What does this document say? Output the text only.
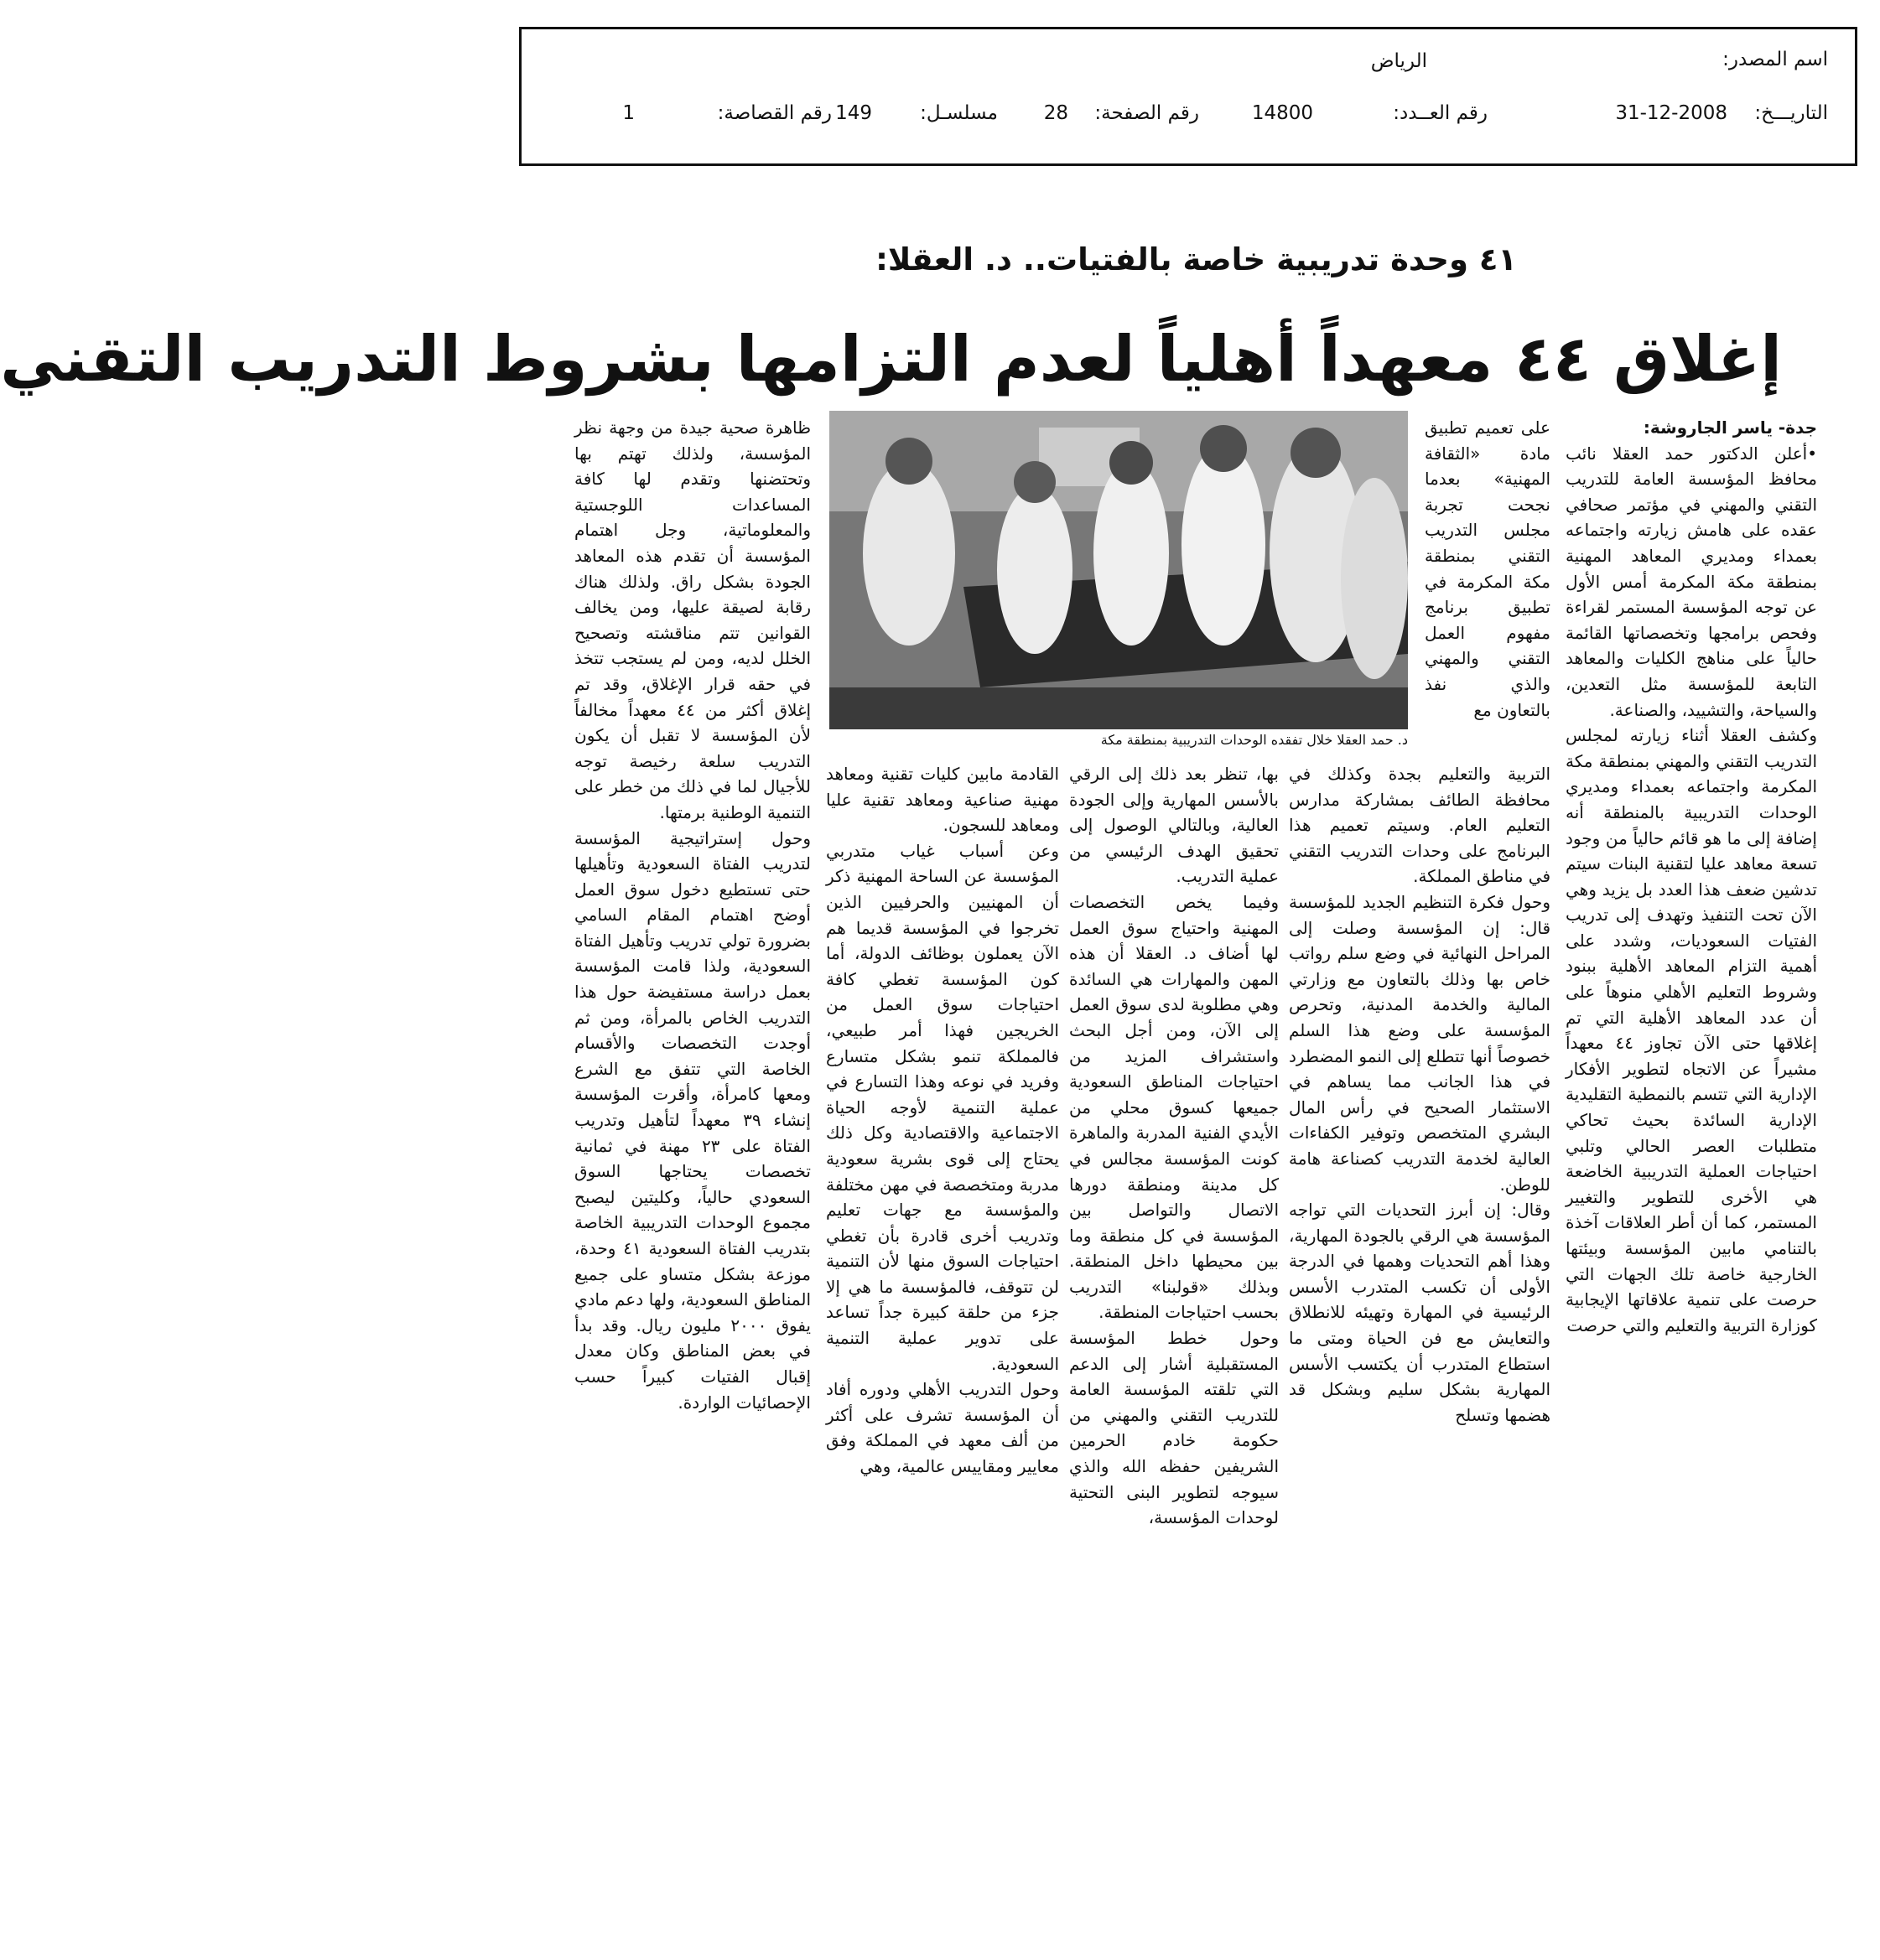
اسم المصدر:
الرياض
التاريـــخ:
31-12-2008
رقم العــدد:
14800
رقم الصفحة:
28
مسلسـل:
149
رقم القصاصة:
1
٤١ وحدة تدريبية خاصة بالفتيات.. د. العقلا:
إغلاق ٤٤ معهداً أهلياً لعدم التزامها بشروط التدريب التقني

جدة- ياسر الجاروشة:

•أعلن الدكتور حمد العقلا نائب محافظ المؤسسة العامة للتدريب التقني والمهني في مؤتمر صحافي عقده على هامش زيارته واجتماعه بعمداء ومديري المعاهد المهنية بمنطقة مكة المكرمة أمس الأول عن توجه المؤسسة المستمر لقراءة وفحص برامجها وتخصصاتها القائمة حالياً على مناهج الكليات والمعاهد التابعة للمؤسسة مثل التعدين، والسياحة، والتشييد، والصناعة.

وكشف العقلا أثناء زيارته لمجلس التدريب التقني والمهني بمنطقة مكة المكرمة واجتماعه بعمداء ومديري الوحدات التدريبية بالمنطقة أنه إضافة إلى ما هو قائم حالياً من وجود تسعة معاهد عليا لتقنية البنات سيتم تدشين ضعف هذا العدد بل يزيد وهي الآن تحت التنفيذ وتهدف إلى تدريب الفتيات السعوديات، وشدد على أهمية التزام المعاهد الأهلية ببنود وشروط التعليم الأهلي منوهاً على أن عدد المعاهد الأهلية التي تم إغلاقها حتى الآن تجاوز ٤٤ معهداً مشيراً عن الاتجاه لتطوير الأفكار الإدارية التي تتسم بالنمطية التقليدية الإدارية السائدة بحيث تحاكي متطلبات العصر الحالي وتلبي احتياجات العملية التدريبية الخاضعة هي الأخرى للتطوير والتغيير المستمر، كما أن أطر العلاقات آخذة بالتنامي مابين المؤسسة وبيئتها الخارجية خاصة تلك الجهات التي حرصت على تنمية علاقاتها الإيجابية كوزارة التربية والتعليم والتي حرصت

على تعميم تطبيق مادة «الثقافة المهنية» بعدما نجحت تجربة مجلس التدريب التقني بمنطقة مكة المكرمة في تطبيق برنامج مفهوم العمل التقني والمهني والذي نفذ بالتعاون مع

د. حمد العقلا خلال تفقده الوحدات التدريبية بمنطقة مكة

التربية والتعليم بجدة وكذلك في محافظة الطائف بمشاركة مدارس التعليم العام. وسيتم تعميم هذا البرنامج على وحدات التدريب التقني في مناطق المملكة.

وحول فكرة التنظيم الجديد للمؤسسة قال: إن المؤسسة وصلت إلى المراحل النهائية في وضع سلم رواتب خاص بها وذلك بالتعاون مع وزارتي المالية والخدمة المدنية، وتحرص المؤسسة على وضع هذا السلم خصوصاً أنها تتطلع إلى النمو المضطرد في هذا الجانب مما يساهم في الاستثمار الصحيح في رأس المال البشري المتخصص وتوفير الكفاءات العالية لخدمة التدريب كصناعة هامة للوطن.

وقال: إن أبرز التحديات التي تواجه المؤسسة هي الرقي بالجودة المهارية، وهذا أهم التحديات وهمها في الدرجة الأولى أن تكسب المتدرب الأسس الرئيسية في المهارة وتهيئه للانطلاق والتعايش مع فن الحياة ومتى ما استطاع المتدرب أن يكتسب الأسس المهارية بشكل سليم وبشكل قد هضمها وتسلح

بها، تنظر بعد ذلك إلى الرقي بالأسس المهارية وإلى الجودة العالية، وبالتالي الوصول إلى تحقيق الهدف الرئيسي من عملية التدريب.

وفيما يخص التخصصات المهنية واحتياج سوق العمل لها أضاف د. العقلا أن هذه المهن والمهارات هي السائدة وهي مطلوبة لدى سوق العمل إلى الآن، ومن أجل البحث واستشراف المزيد من احتياجات المناطق السعودية جميعها كسوق محلي من الأيدي الفنية المدربة والماهرة كونت المؤسسة مجالس في كل مدينة ومنطقة دورها الاتصال والتواصل بين المؤسسة في كل منطقة وما بين محيطها داخل المنطقة. وبذلك «قولبنا» التدريب بحسب احتياجات المنطقة.

وحول خطط المؤسسة المستقبلية أشار إلى الدعم التي تلقته المؤسسة العامة للتدريب التقني والمهني من حكومة خادم الحرمين الشريفين حفظه الله والذي سيوجه لتطوير البنى التحتية لوحدات المؤسسة،

القادمة مابين كليات تقنية ومعاهد مهنية صناعية ومعاهد تقنية عليا ومعاهد للسجون.

وعن أسباب غياب متدربي المؤسسة عن الساحة المهنية ذكر أن المهنيين والحرفيين الذين تخرجوا في المؤسسة قديما هم الآن يعملون بوظائف الدولة، أما كون المؤسسة تغطي كافة احتياجات سوق العمل من الخريجين فهذا أمر طبيعي، فالمملكة تنمو بشكل متسارع وفريد في نوعه وهذا التسارع في عملية التنمية لأوجه الحياة الاجتماعية والاقتصادية وكل ذلك يحتاج إلى قوى بشرية سعودية مدربة ومتخصصة في مهن مختلفة والمؤسسة مع جهات تعليم وتدريب أخرى قادرة بأن تغطي احتياجات السوق منها لأن التنمية لن تتوقف، فالمؤسسة ما هي إلا جزء من حلقة كبيرة جداً تساعد على تدوير عملية التنمية السعودية.

وحول التدريب الأهلي ودوره أفاد أن المؤسسة تشرف على أكثر من ألف معهد في المملكة وفق معايير ومقاييس عالمية، وهي

ظاهرة صحية جيدة من وجهة نظر المؤسسة، ولذلك تهتم بها وتحتضنها وتقدم لها كافة المساعدات اللوجستية والمعلوماتية، وجل اهتمام المؤسسة أن تقدم هذه المعاهد الجودة بشكل راق. ولذلك هناك رقابة لصيقة عليها، ومن يخالف القوانين تتم مناقشته وتصحيح الخلل لديه، ومن لم يستجب تتخذ في حقه قرار الإغلاق، وقد تم إغلاق أكثر من ٤٤ معهداً مخالفاً لأن المؤسسة لا تقبل أن يكون التدريب سلعة رخيصة توجه للأجيال لما في ذلك من خطر على التنمية الوطنية برمتها.

وحول إستراتيجية المؤسسة لتدريب الفتاة السعودية وتأهيلها حتى تستطيع دخول سوق العمل أوضح اهتمام المقام السامي بضرورة تولي تدريب وتأهيل الفتاة السعودية، ولذا قامت المؤسسة بعمل دراسة مستفيضة حول هذا التدريب الخاص بالمرأة، ومن ثم أوجدت التخصصات والأقسام الخاصة التي تتفق مع الشرع ومعها كامرأة، وأقرت المؤسسة إنشاء ٣٩ معهداً لتأهيل وتدريب الفتاة على ٢٣ مهنة في ثمانية تخصصات يحتاجها السوق السعودي حالياً، وكليتين ليصبح مجموع الوحدات التدريبية الخاصة بتدريب الفتاة السعودية ٤١ وحدة، موزعة بشكل متساو على جميع المناطق السعودية، ولها دعم مادي يفوق ٢٠٠٠ مليون ريال. وقد بدأ في بعض المناطق وكان معدل إقبال الفتيات كبيراً حسب الإحصائيات الواردة.
